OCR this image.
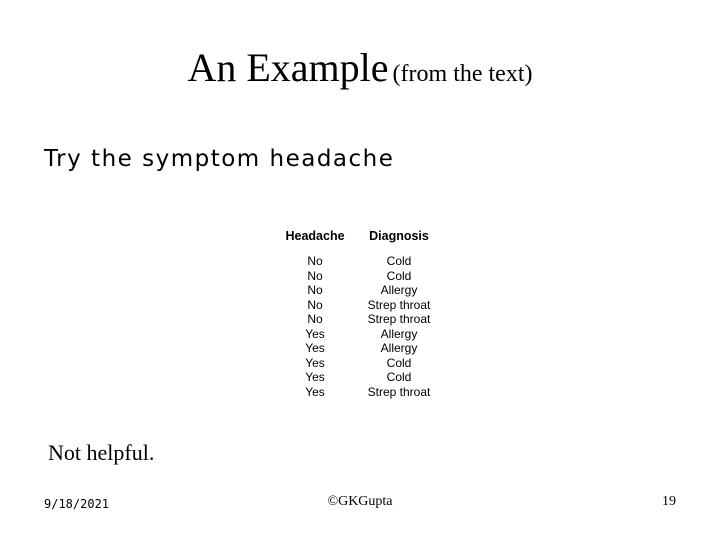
An Example (from the text)
Try the symptom headache
Headache	Diagnosis
No	Cold
No	Cold
No	Allergy
No	Strep throat
No	Strep throat
Yes	Allergy
Yes	Allergy
Yes	Cold
Yes	Cold
Yes	Strep throat
Not helpful.
9/18/2021	©GKGupta	19
